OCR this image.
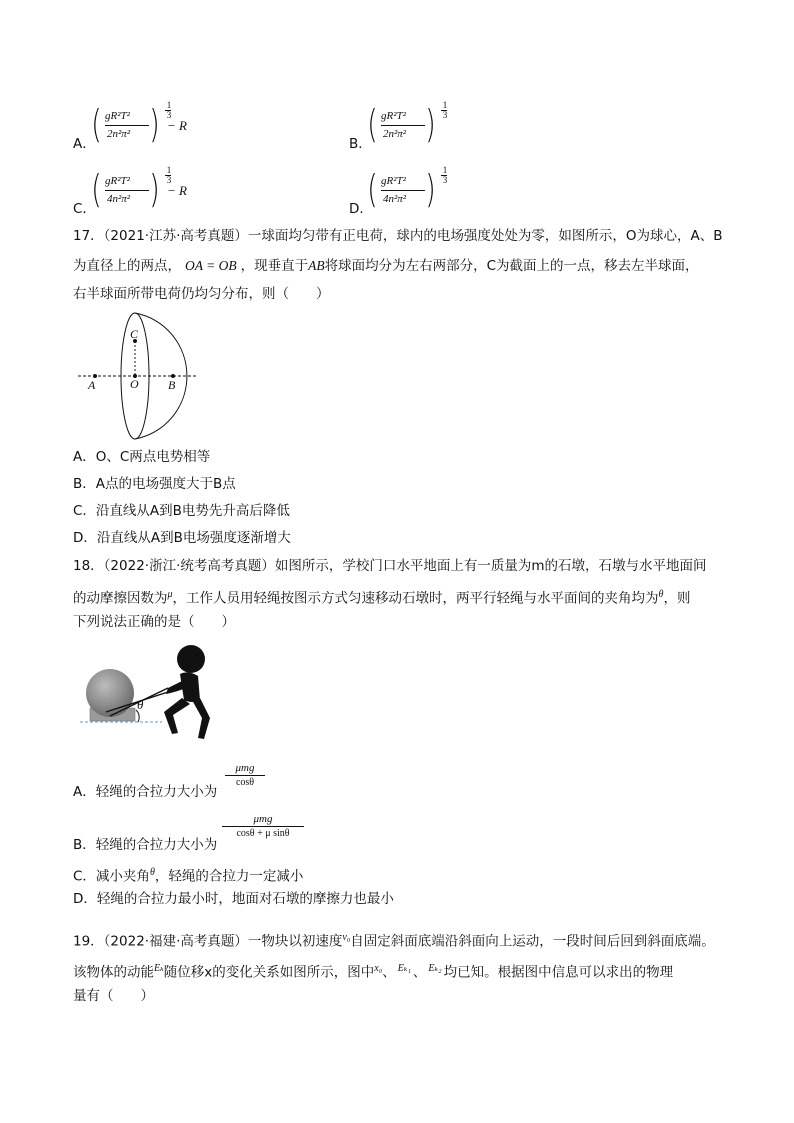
A．
( gR²T²
2n²π² ) 1
3
− R
B．
( gR²T²
2n²π² ) 1
3
C．
( gR²T²
4n²π² ) 1
3
− R
D．
( gR²T²
4n²π² ) 1
3
17．（2021·江苏·高考真题）一球面均匀带有正电荷，球内的电场强度处处为零，如图所示，O为球心，A、B
为直径上的两点， OA = OB ，现垂直于AB将球面均分为左右两部分，C为截面上的一点，移去左半球面，
右半球面所带电荷仍均匀分布，则（　　）
C
A	O B
A．O、C两点电势相等
B．A点的电场强度大于B点
C．沿直线从A到B电势先升高后降低
D．沿直线从A到B电场强度逐渐增大
18．（2022·浙江·统考高考真题）如图所示，学校门口水平地面上有一质量为m的石墩，石墩与水平地面间
的动摩擦因数为$^\mu$，工作人员用轻绳按图示方式匀速移动石墩时，两平行轻绳与水平面间的夹角均为$^\theta$，则
下列说法正确的是（　　）
θ
A．轻绳的合拉力大小为
μmg
cosθ
B．轻绳的合拉力大小为
μmg
cosθ + μ sinθ
C．减小夹角$^\theta$，轻绳的合拉力一定减小
D．轻绳的合拉力最小时，地面对石墩的摩擦力也最小
19．（2022·福建·高考真题）一物块以初速度$^{v_0}$自固定斜面底端沿斜面向上运动，一段时间后回到斜面底端。
该物体的动能$^{E_k}$随位移x的变化关系如图所示，图中$^{x_0}$、 $^{E_{k1}}$ 、 $^{E_{k2}}$ 均已知。根据图中信息可以求出的物理
量有（　　）
